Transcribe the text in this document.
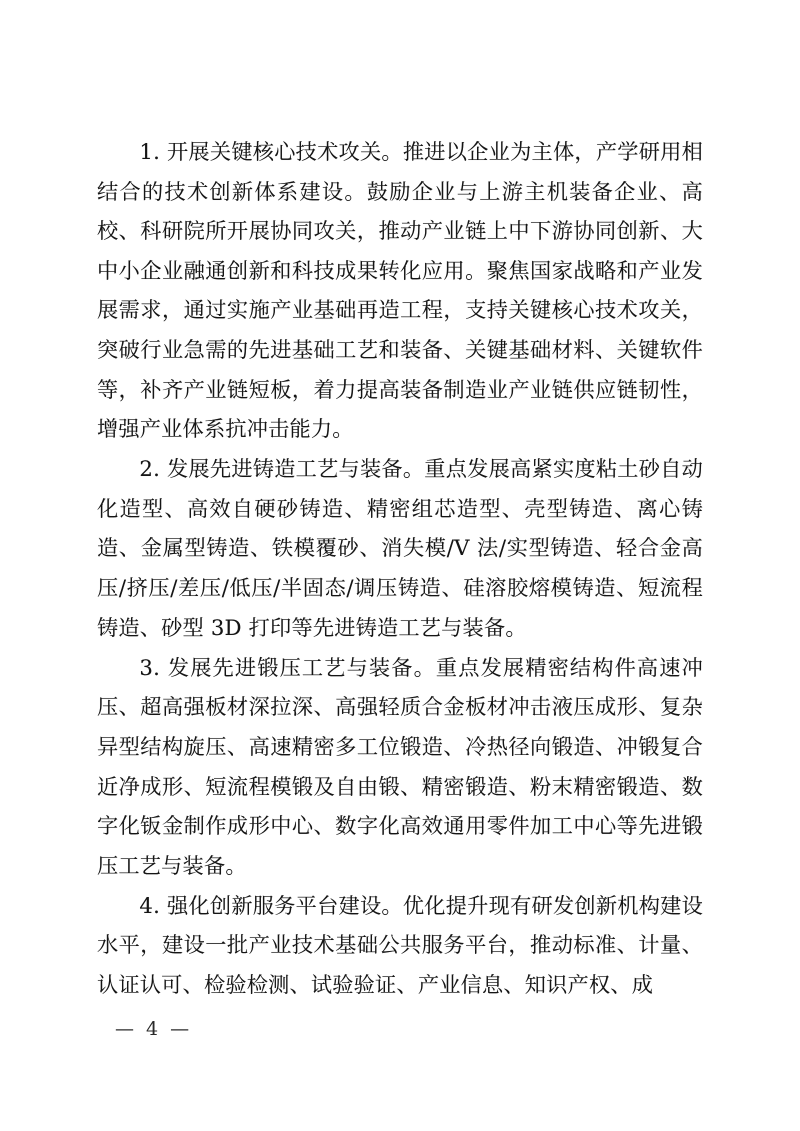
1. 开展关键核心技术攻关。推进以企业为主体，产学研用相结合的技术创新体系建设。鼓励企业与上游主机装备企业、高校、科研院所开展协同攻关，推动产业链上中下游协同创新、大中小企业融通创新和科技成果转化应用。聚焦国家战略和产业发展需求，通过实施产业基础再造工程，支持关键核心技术攻关，突破行业急需的先进基础工艺和装备、关键基础材料、关键软件等，补齐产业链短板，着力提高装备制造业产业链供应链韧性，增强产业体系抗冲击能力。

2. 发展先进铸造工艺与装备。重点发展高紧实度粘土砂自动化造型、高效自硬砂铸造、精密组芯造型、壳型铸造、离心铸造、金属型铸造、铁模覆砂、消失模/V 法/实型铸造、轻合金高压/挤压/差压/低压/半固态/调压铸造、硅溶胶熔模铸造、短流程铸造、砂型 3D 打印等先进铸造工艺与装备。

3. 发展先进锻压工艺与装备。重点发展精密结构件高速冲压、超高强板材深拉深、高强轻质合金板材冲击液压成形、复杂异型结构旋压、高速精密多工位锻造、冷热径向锻造、冲锻复合近净成形、短流程模锻及自由锻、精密锻造、粉末精密锻造、数字化钣金制作成形中心、数字化高效通用零件加工中心等先进锻压工艺与装备。

4. 强化创新服务平台建设。优化提升现有研发创新机构建设水平，建设一批产业技术基础公共服务平台，推动标准、计量、认证认可、检验检测、试验验证、产业信息、知识产权、成

— 4 —
